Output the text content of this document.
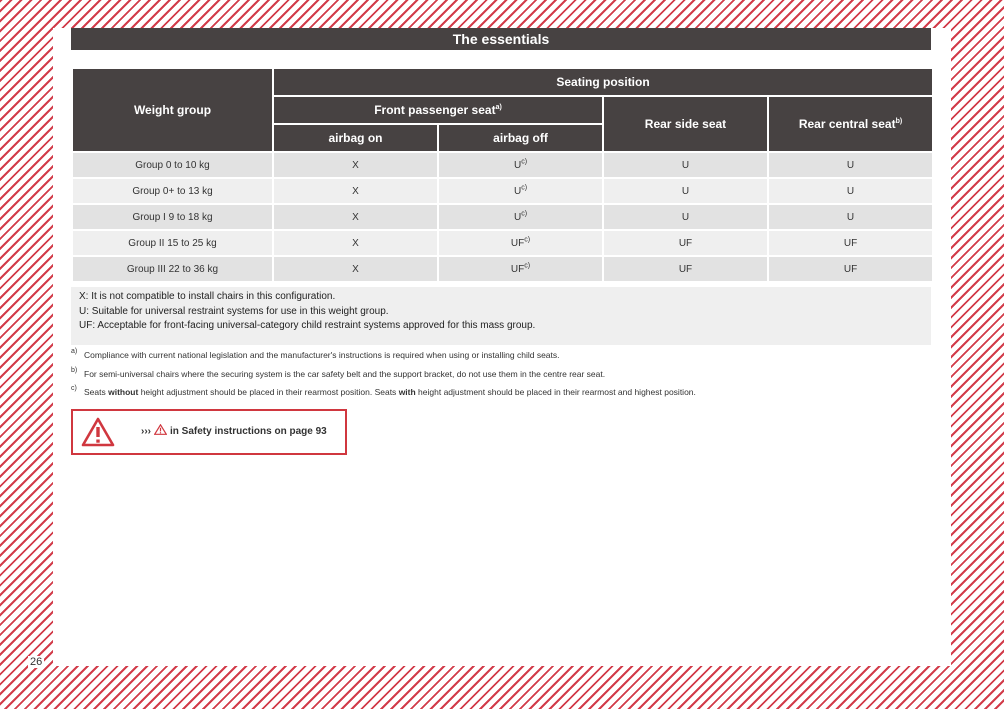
The essentials
Weight group	Seating position			
	Front passenger seat$^{a)}$		Rear side seat	Rear central seat$^{b)}$
	airbag on	airbag off		
Group 0 to 10 kg	X	$U^{c)}$	U	U
Group 0+ to 13 kg	X	$U^{c)}$	U	U
Group I 9 to 18 kg	X	$U^{c)}$	U	U
Group II 15 to 25 kg	X	UF$^{c)}$	UF	UF
Group III 22 to 36 kg	X	UF$^{c)}$	UF	UF
X: It is not compatible to install chairs in this configuration.
U: Suitable for universal restraint systems for use in this weight group.
UF: Acceptable for front-facing universal-category child restraint systems approved for this mass group.
a) Compliance with current national legislation and the manufacturer's instructions is required when using or installing child seats.
b) For semi-universal chairs where the securing system is the car safety belt and the support bracket, do not use them in the centre rear seat.
c) Seats without height adjustment should be placed in their rearmost position. Seats with height adjustment should be placed in their rearmost and highest position.
››› in Safety instructions on page 93
26
